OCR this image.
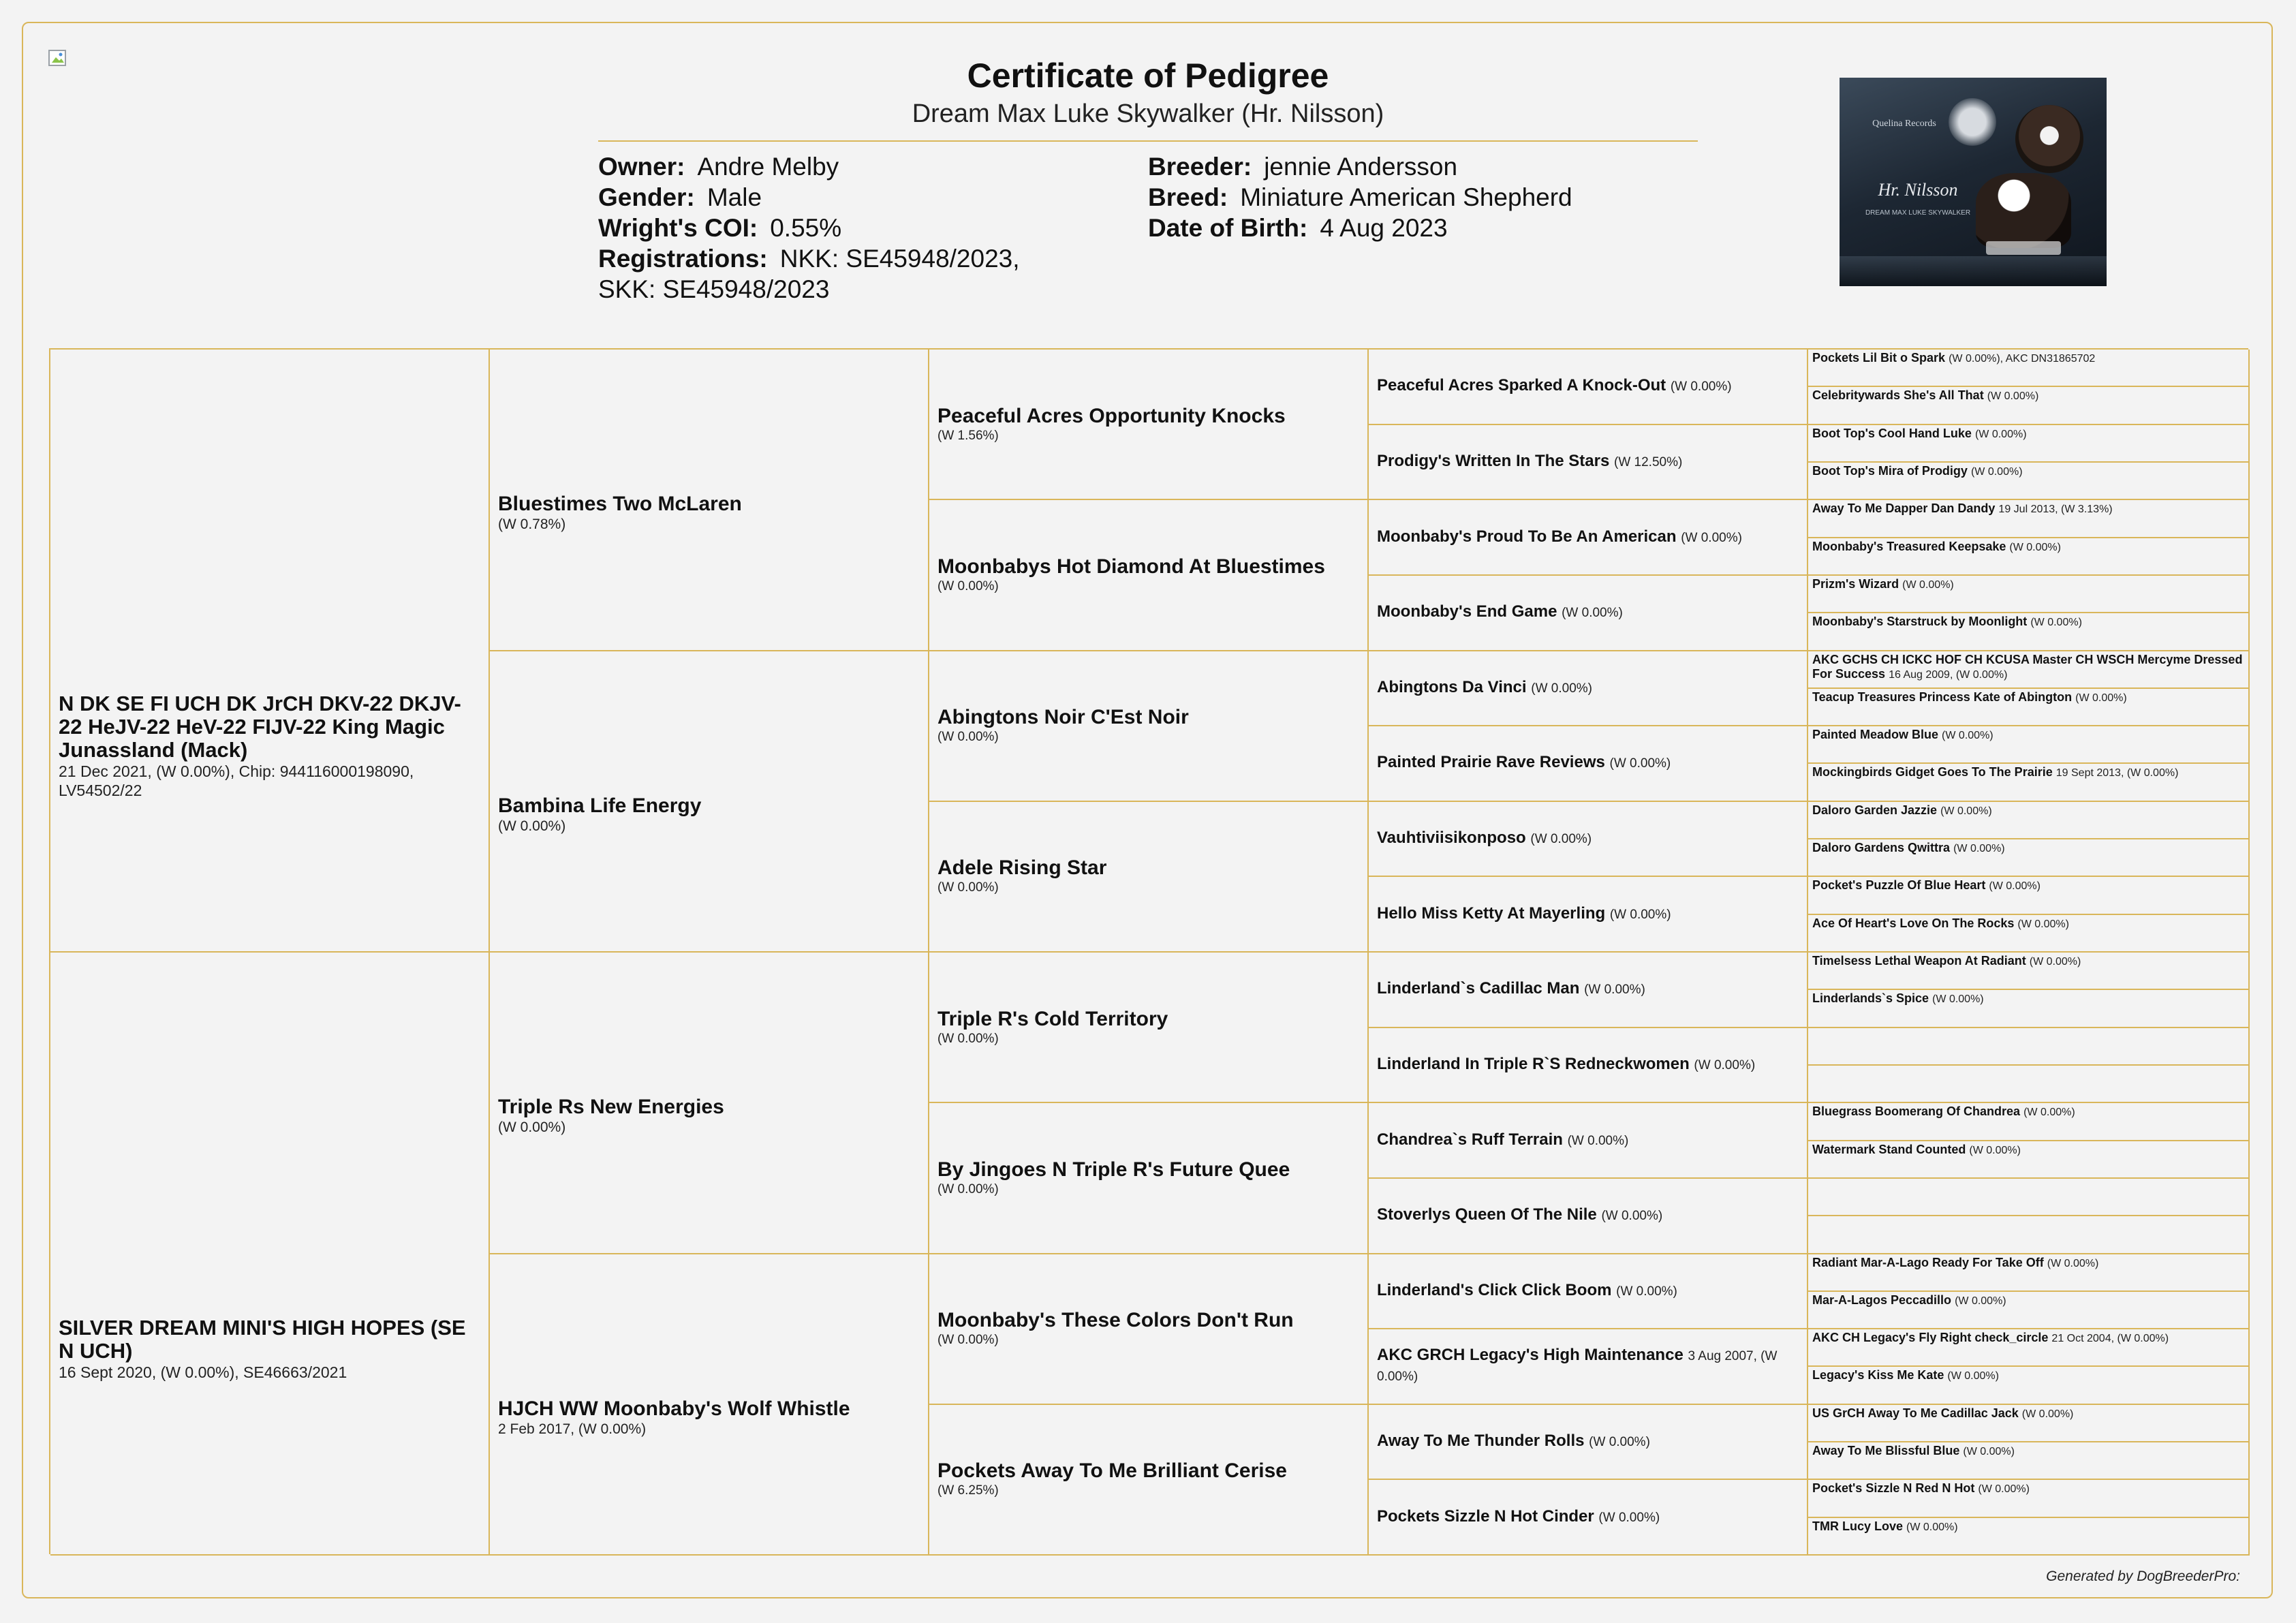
Certificate of Pedigree
Dream Max Luke Skywalker (Hr. Nilsson)
Owner: Andre Melby
Gender: Male
Wright's COI: 0.55%
Registrations: NKK: SE45948/2023, SKK: SE45948/2023
Breeder: jennie Andersson
Breed: Miniature American Shepherd
Date of Birth: 4 Aug 2023
Quelina Records
Hr. Nilsson
DREAM MAX LUKE SKYWALKER
N DK SE FI UCH DK JrCH DKV-22 DKJV-22 HeJV-22 HeV-22 FIJV-22 King Magic Junassland (Mack)
21 Dec 2021, (W 0.00%), Chip: 944116000198090, LV54502/22
SILVER DREAM MINI'S HIGH HOPES (SE N UCH)
16 Sept 2020, (W 0.00%), SE46663/2021
Bluestimes Two McLaren
(W 0.78%)
Bambina Life Energy
(W 0.00%)
Triple Rs New Energies
(W 0.00%)
HJCH WW Moonbaby's Wolf Whistle
2 Feb 2017, (W 0.00%)
Peaceful Acres Opportunity Knocks
(W 1.56%)
Moonbabys Hot Diamond At Bluestimes
(W 0.00%)
Abingtons Noir C'Est Noir
(W 0.00%)
Adele Rising Star
(W 0.00%)
Triple R's Cold Territory
(W 0.00%)
By Jingoes N Triple R's Future Quee
(W 0.00%)
Moonbaby's These Colors Don't Run
(W 0.00%)
Pockets Away To Me Brilliant Cerise
(W 6.25%)
Peaceful Acres Sparked A Knock-Out (W 0.00%)
Prodigy's Written In The Stars (W 12.50%)
Moonbaby's Proud To Be An American (W 0.00%)
Moonbaby's End Game (W 0.00%)
Abingtons Da Vinci (W 0.00%)
Painted Prairie Rave Reviews (W 0.00%)
Vauhtiviisikonposo (W 0.00%)
Hello Miss Ketty At Mayerling (W 0.00%)
Linderland`s Cadillac Man (W 0.00%)
Linderland In Triple R`S Redneckwomen (W 0.00%)
Chandrea`s Ruff Terrain (W 0.00%)
Stoverlys Queen Of The Nile (W 0.00%)
Linderland's Click Click Boom (W 0.00%)
AKC GRCH Legacy's High Maintenance 3 Aug 2007, (W 0.00%)
Away To Me Thunder Rolls (W 0.00%)
Pockets Sizzle N Hot Cinder (W 0.00%)
Pockets Lil Bit o Spark (W 0.00%), AKC DN31865702
Celebritywards She's All That (W 0.00%)
Boot Top's Cool Hand Luke (W 0.00%)
Boot Top's Mira of Prodigy (W 0.00%)
Away To Me Dapper Dan Dandy 19 Jul 2013, (W 3.13%)
Moonbaby's Treasured Keepsake (W 0.00%)
Prizm's Wizard (W 0.00%)
Moonbaby's Starstruck by Moonlight (W 0.00%)
AKC GCHS CH ICKC HOF CH KCUSA Master CH WSCH Mercyme Dressed For Success 16 Aug 2009, (W 0.00%)
Teacup Treasures Princess Kate of Abington (W 0.00%)
Painted Meadow Blue (W 0.00%)
Mockingbirds Gidget Goes To The Prairie 19 Sept 2013, (W 0.00%)
Daloro Garden Jazzie (W 0.00%)
Daloro Gardens Qwittra (W 0.00%)
Pocket's Puzzle Of Blue Heart (W 0.00%)
Ace Of Heart's Love On The Rocks (W 0.00%)
Timelsess Lethal Weapon At Radiant (W 0.00%)
Linderlands`s Spice (W 0.00%)
Bluegrass Boomerang Of Chandrea (W 0.00%)
Watermark Stand Counted (W 0.00%)
Radiant Mar-A-Lago Ready For Take Off (W 0.00%)
Mar-A-Lagos Peccadillo (W 0.00%)
AKC CH Legacy's Fly Right check_circle 21 Oct 2004, (W 0.00%)
Legacy's Kiss Me Kate (W 0.00%)
US GrCH Away To Me Cadillac Jack (W 0.00%)
Away To Me Blissful Blue (W 0.00%)
Pocket's Sizzle N Red N Hot (W 0.00%)
TMR Lucy Love (W 0.00%)
Generated by DogBreederPro:
